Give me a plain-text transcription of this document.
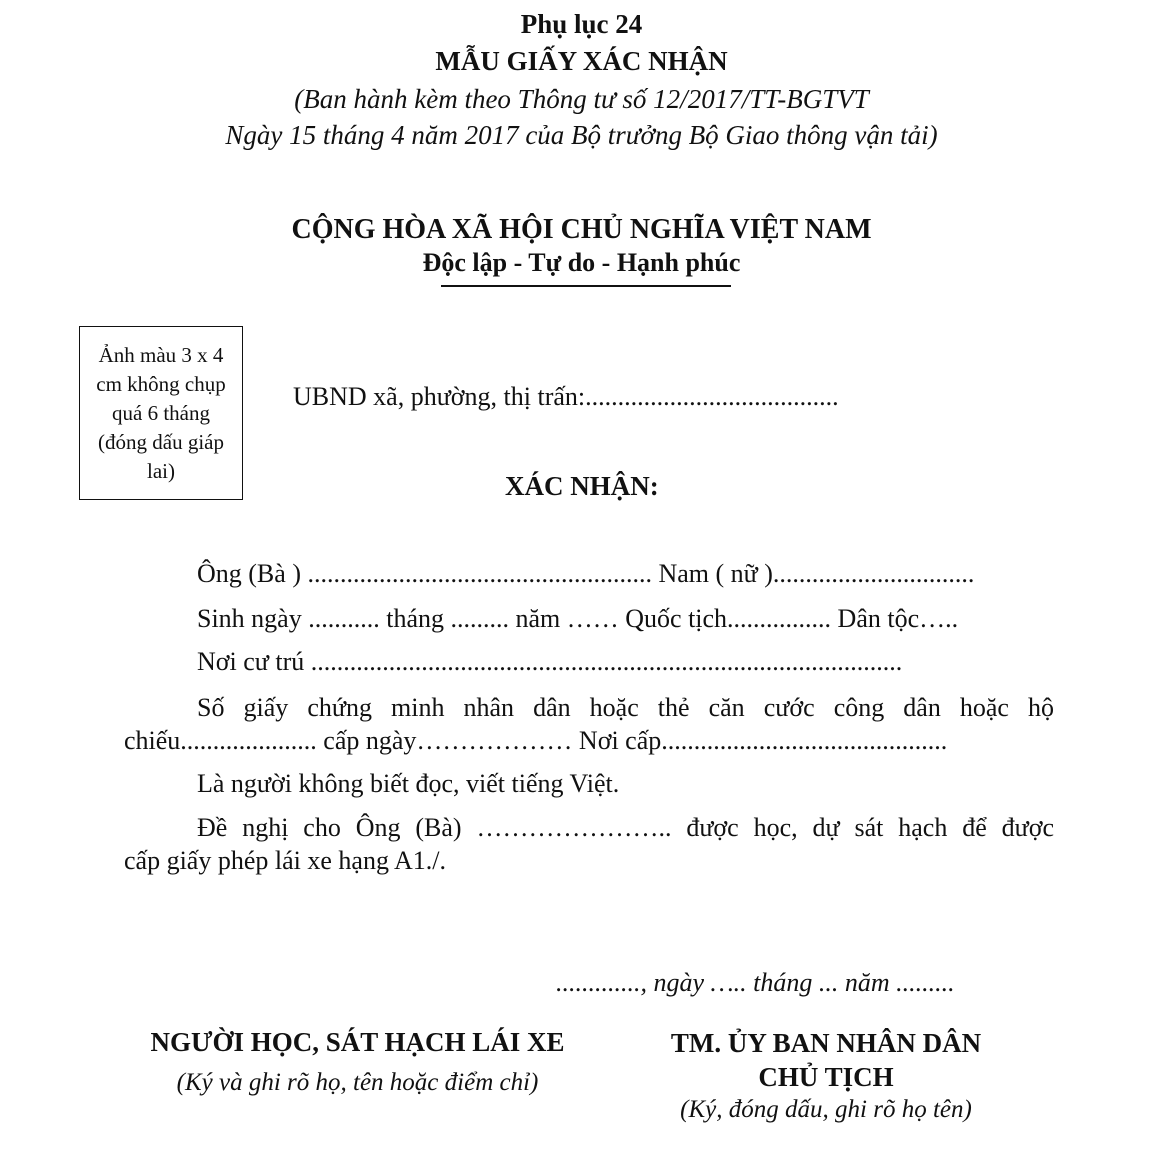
Phụ lục 24
MẪU GIẤY XÁC NHẬN
(Ban hành kèm theo Thông tư số 12/2017/TT-BGTVT
Ngày 15 tháng 4 năm 2017 của Bộ trưởng Bộ Giao thông vận tải)
CỘNG HÒA XÃ HỘI CHỦ NGHĨA VIỆT NAM
Độc lập - Tự do - Hạnh phúc
Ảnh màu 3 x 4 cm không chụp quá 6 tháng (đóng dấu giáp lai)
UBND xã, phường, thị trấn:.......................................
XÁC NHẬN:
Ông (Bà ) ..................................................... Nam ( nữ )...............................
Sinh ngày ........... tháng ......... năm …… Quốc tịch................ Dân tộc…..
Nơi cư trú ...........................................................................................
Số giấy chứng minh nhân dân hoặc thẻ căn cước công dân hoặc hộ
chiếu..................... cấp ngày……………… Nơi cấp............................................
Là người không biết đọc, viết tiếng Việt.
Đề nghị cho Ông (Bà) ………………….. được học, dự sát hạch để được
cấp giấy phép lái xe hạng A1./.
............., ngày ….. tháng ... năm .........
NGƯỜI HỌC, SÁT HẠCH LÁI XE
(Ký và ghi rõ họ, tên hoặc điểm chỉ)
TM. ỦY BAN NHÂN DÂN
CHỦ TỊCH
(Ký, đóng dấu, ghi rõ họ tên)
